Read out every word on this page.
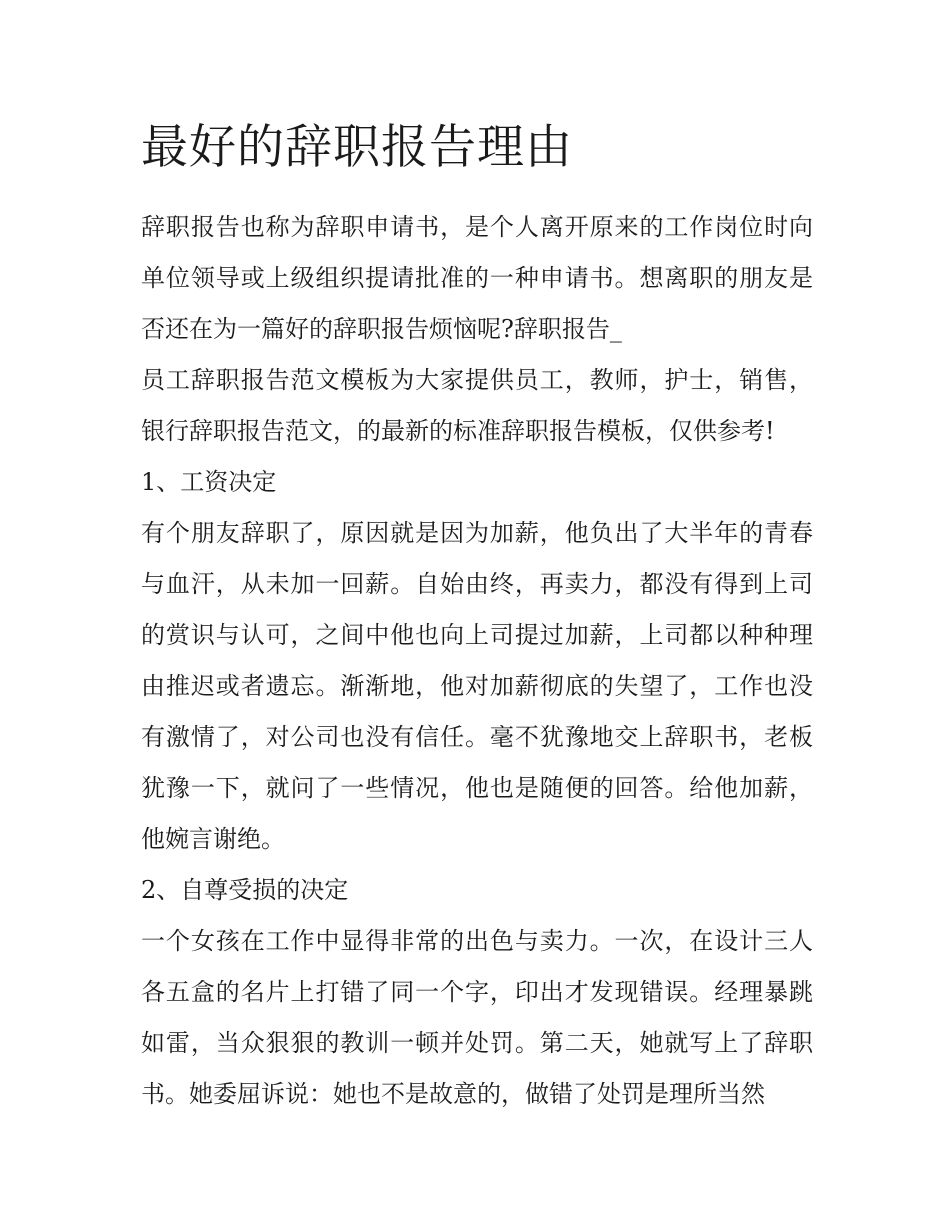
最好的辞职报告理由

辞职报告也称为辞职申请书，是个人离开原来的工作岗位时向

单位领导或上级组织提请批准的一种申请书。想离职的朋友是

否还在为一篇好的辞职报告烦恼呢?辞职报告_

员工辞职报告范文模板为大家提供员工，教师，护士，销售，

银行辞职报告范文，的最新的标准辞职报告模板，仅供参考!

1、工资决定

有个朋友辞职了，原因就是因为加薪，他负出了大半年的青春

与血汗，从未加一回薪。自始由终，再卖力，都没有得到上司

的赏识与认可，之间中他也向上司提过加薪，上司都以种种理

由推迟或者遗忘。渐渐地，他对加薪彻底的失望了，工作也没

有激情了，对公司也没有信任。毫不犹豫地交上辞职书，老板

犹豫一下，就问了一些情况，他也是随便的回答。给他加薪，

他婉言谢绝。

2、自尊受损的决定

一个女孩在工作中显得非常的出色与卖力。一次，在设计三人

各五盒的名片上打错了同一个字，印出才发现错误。经理暴跳

如雷，当众狠狠的教训一顿并处罚。第二天，她就写上了辞职

书。她委屈诉说：她也不是故意的，做错了处罚是理所当然
